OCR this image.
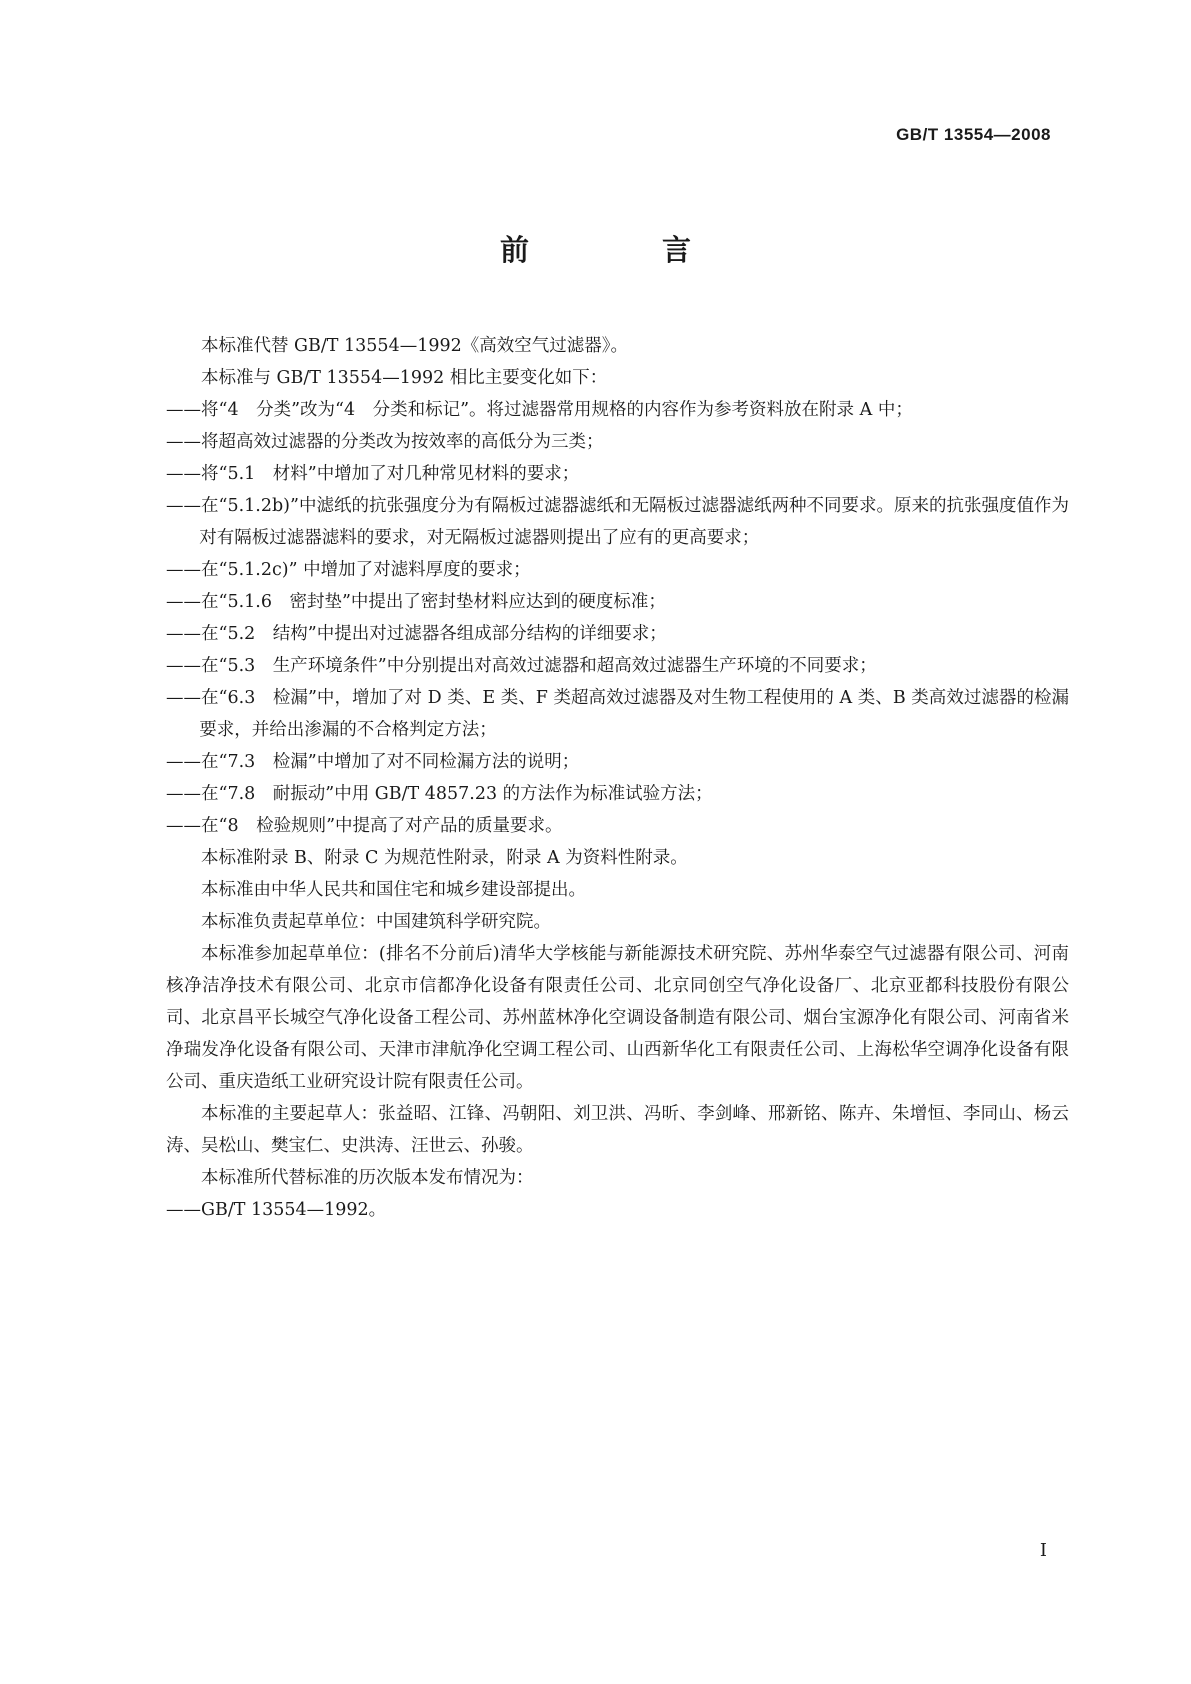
GB/T 13554—2008
前　言

本标准代替 GB/T 13554—1992《高效空气过滤器》。

本标准与 GB/T 13554—1992 相比主要变化如下：

——将“4　分类”改为“4　分类和标记”。将过滤器常用规格的内容作为参考资料放在附录 A 中；

——将超高效过滤器的分类改为按效率的高低分为三类；

——将“5.1　材料”中增加了对几种常见材料的要求；

——在“5.1.2b)”中滤纸的抗张强度分为有隔板过滤器滤纸和无隔板过滤器滤纸两种不同要求。原来的抗张强度值作为对有隔板过滤器滤料的要求，对无隔板过滤器则提出了应有的更高要求；

——在“5.1.2c)” 中增加了对滤料厚度的要求；

——在“5.1.6　密封垫”中提出了密封垫材料应达到的硬度标准；

——在“5.2　结构”中提出对过滤器各组成部分结构的详细要求；

——在“5.3　生产环境条件”中分别提出对高效过滤器和超高效过滤器生产环境的不同要求；

——在“6.3　检漏”中，增加了对 D 类、E 类、F 类超高效过滤器及对生物工程使用的 A 类、B 类高效过滤器的检漏要求，并给出渗漏的不合格判定方法；

——在“7.3　检漏”中增加了对不同检漏方法的说明；

——在“7.8　耐振动”中用 GB/T 4857.23 的方法作为标准试验方法；

——在“8　检验规则”中提高了对产品的质量要求。

本标准附录 B、附录 C 为规范性附录，附录 A 为资料性附录。

本标准由中华人民共和国住宅和城乡建设部提出。

本标准负责起草单位：中国建筑科学研究院。

本标准参加起草单位：(排名不分前后)清华大学核能与新能源技术研究院、苏州华泰空气过滤器有限公司、河南核净洁净技术有限公司、北京市信都净化设备有限责任公司、北京同创空气净化设备厂、北京亚都科技股份有限公司、北京昌平长城空气净化设备工程公司、苏州蓝林净化空调设备制造有限公司、烟台宝源净化有限公司、河南省米净瑞发净化设备有限公司、天津市津航净化空调工程公司、山西新华化工有限责任公司、上海松华空调净化设备有限公司、重庆造纸工业研究设计院有限责任公司。

本标准的主要起草人：张益昭、江锋、冯朝阳、刘卫洪、冯昕、李剑峰、邢新铭、陈卉、朱增恒、李同山、杨云涛、吴松山、樊宝仁、史洪涛、汪世云、孙骏。

本标准所代替标准的历次版本发布情况为：

——GB/T 13554—1992。

I
